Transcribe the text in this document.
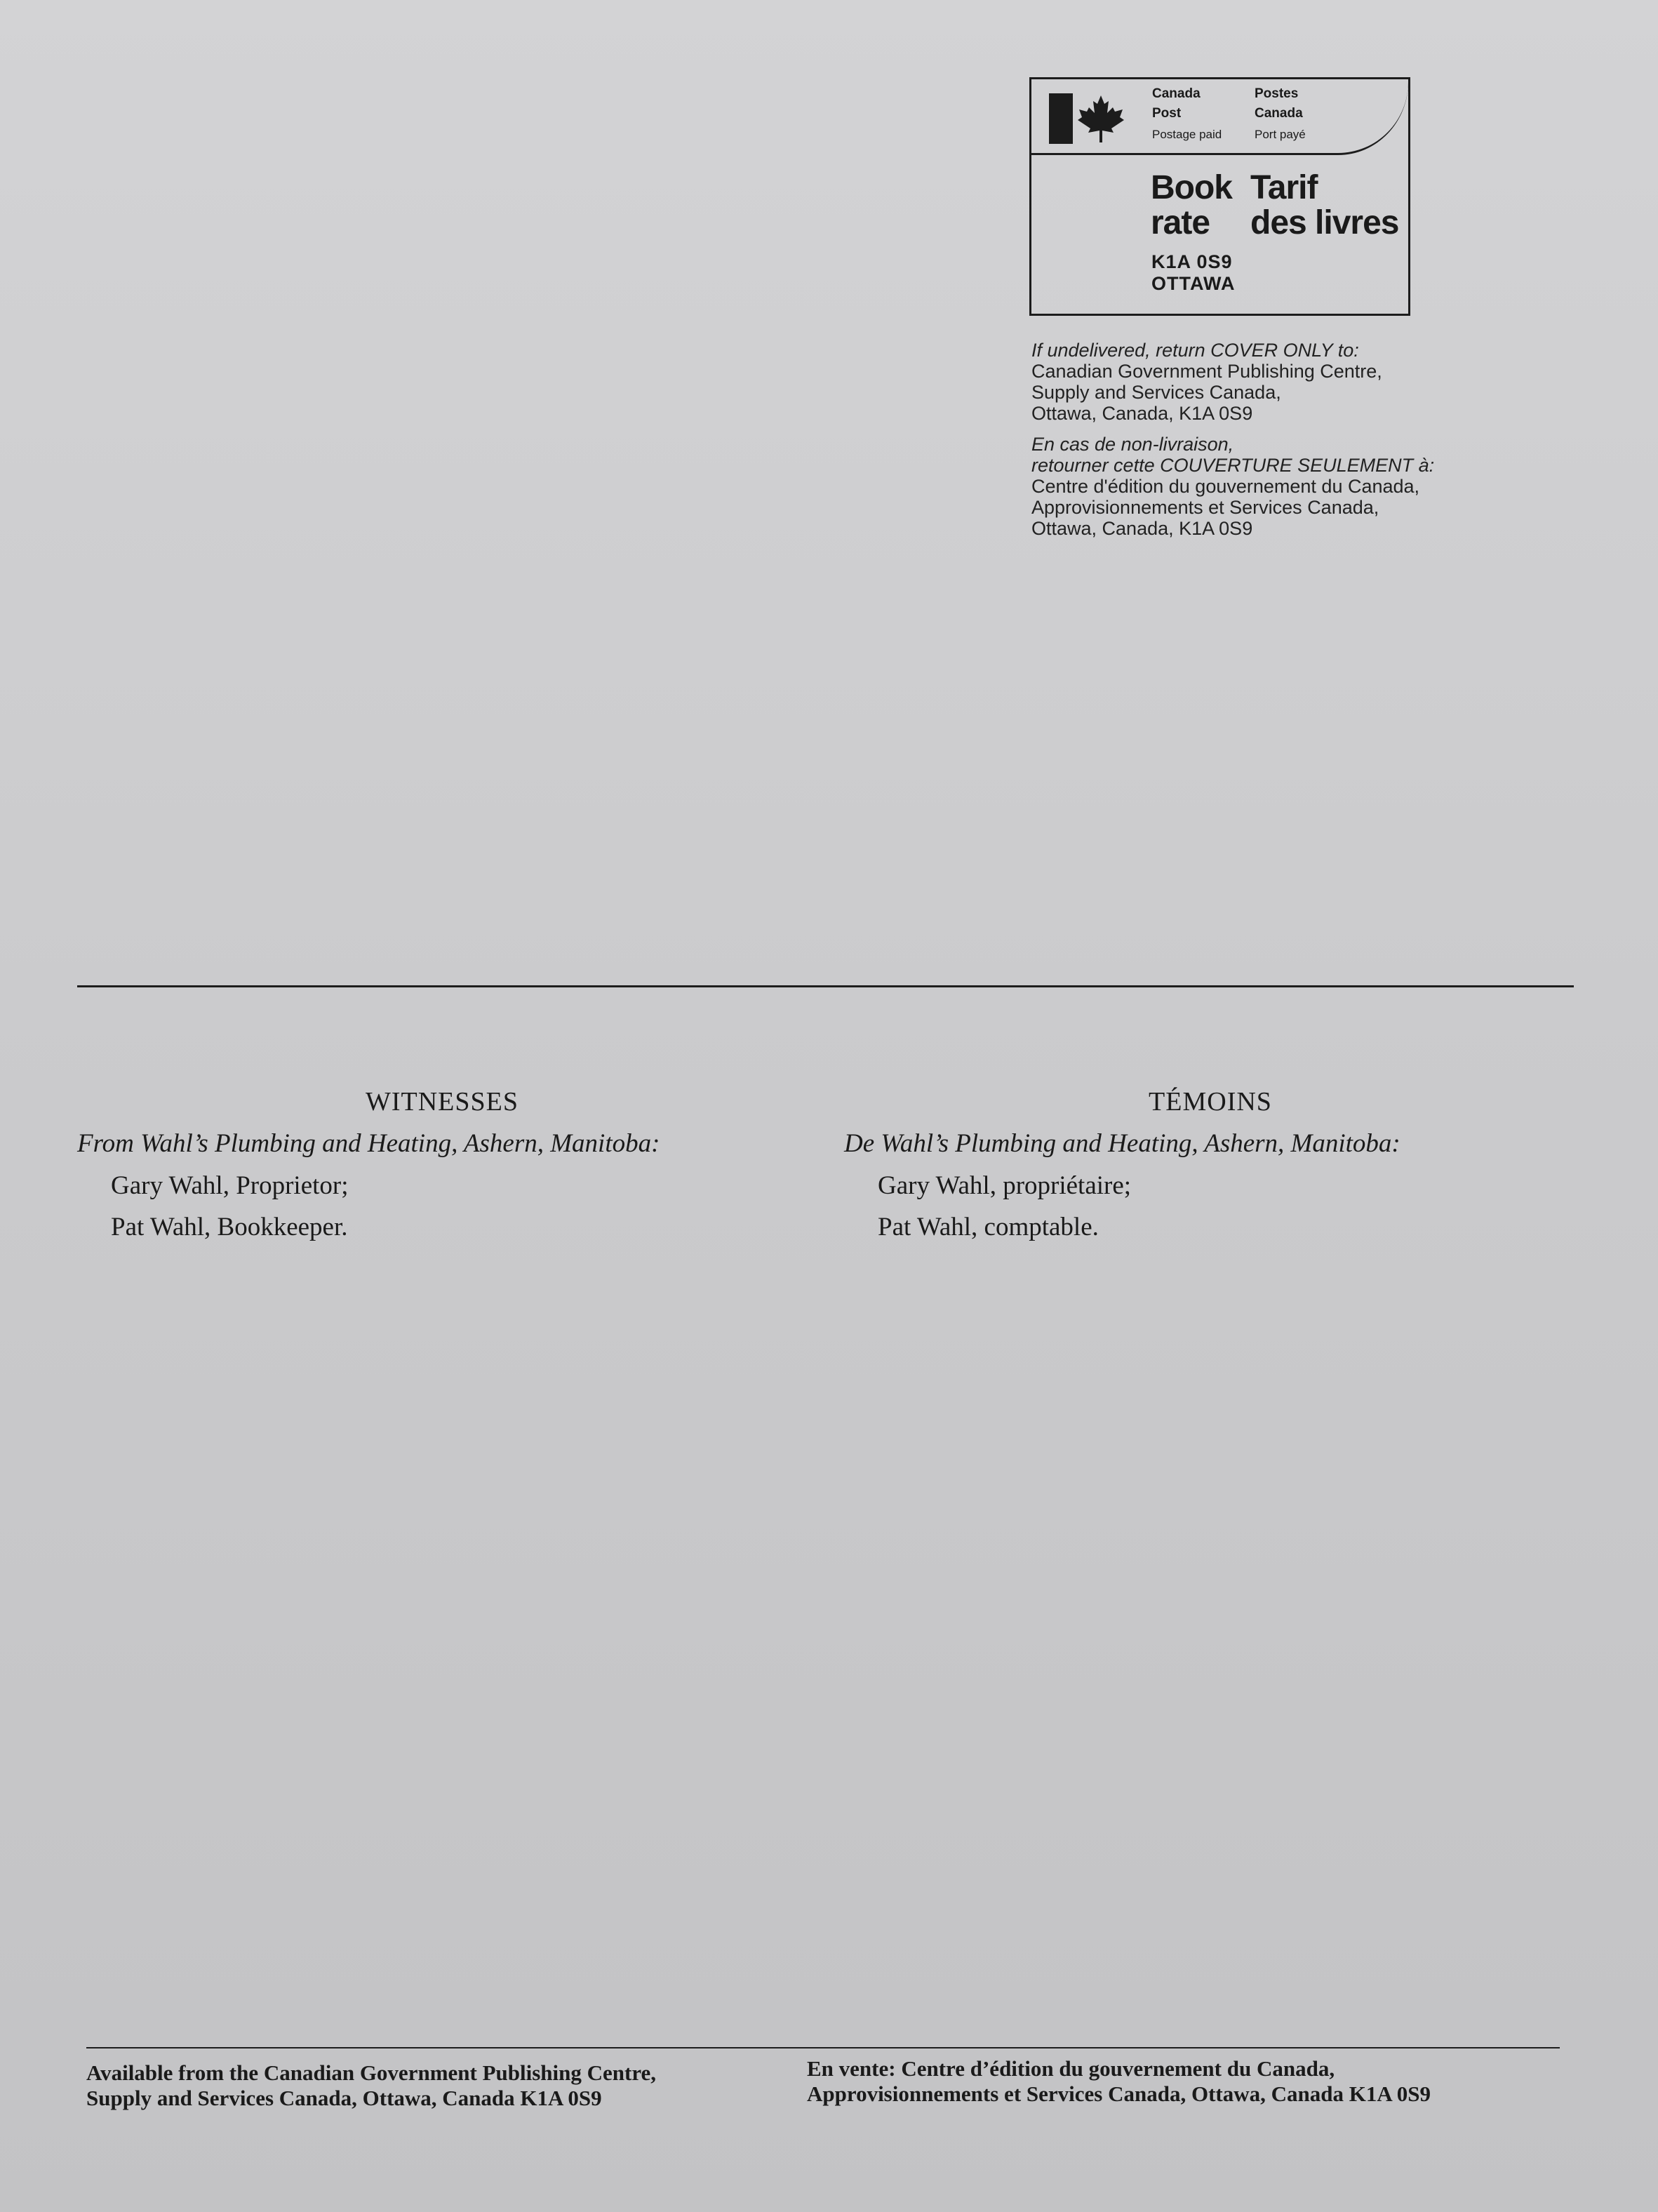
Canada
Post
Postage paid
Postes
Canada
Port payé
Book
rate
Tarif
des livres
K1A 0S9
OTTAWA
If undelivered, return COVER ONLY to:
Canadian Government Publishing Centre,
Supply and Services Canada,
Ottawa, Canada, K1A 0S9
En cas de non-livraison,
retourner cette COUVERTURE SEULEMENT à:
Centre d'édition du gouvernement du Canada,
Approvisionnements et Services Canada,
Ottawa, Canada, K1A 0S9
WITNESSES
From Wahl’s Plumbing and Heating, Ashern, Manitoba:
Gary Wahl, Proprietor;
Pat Wahl, Bookkeeper.
TÉMOINS
De Wahl’s Plumbing and Heating, Ashern, Manitoba:
Gary Wahl, propriétaire;
Pat Wahl, comptable.
Available from the Canadian Government Publishing Centre,
Supply and Services Canada, Ottawa, Canada K1A 0S9
En vente: Centre d’édition du gouvernement du Canada,
Approvisionnements et Services Canada, Ottawa, Canada K1A 0S9
